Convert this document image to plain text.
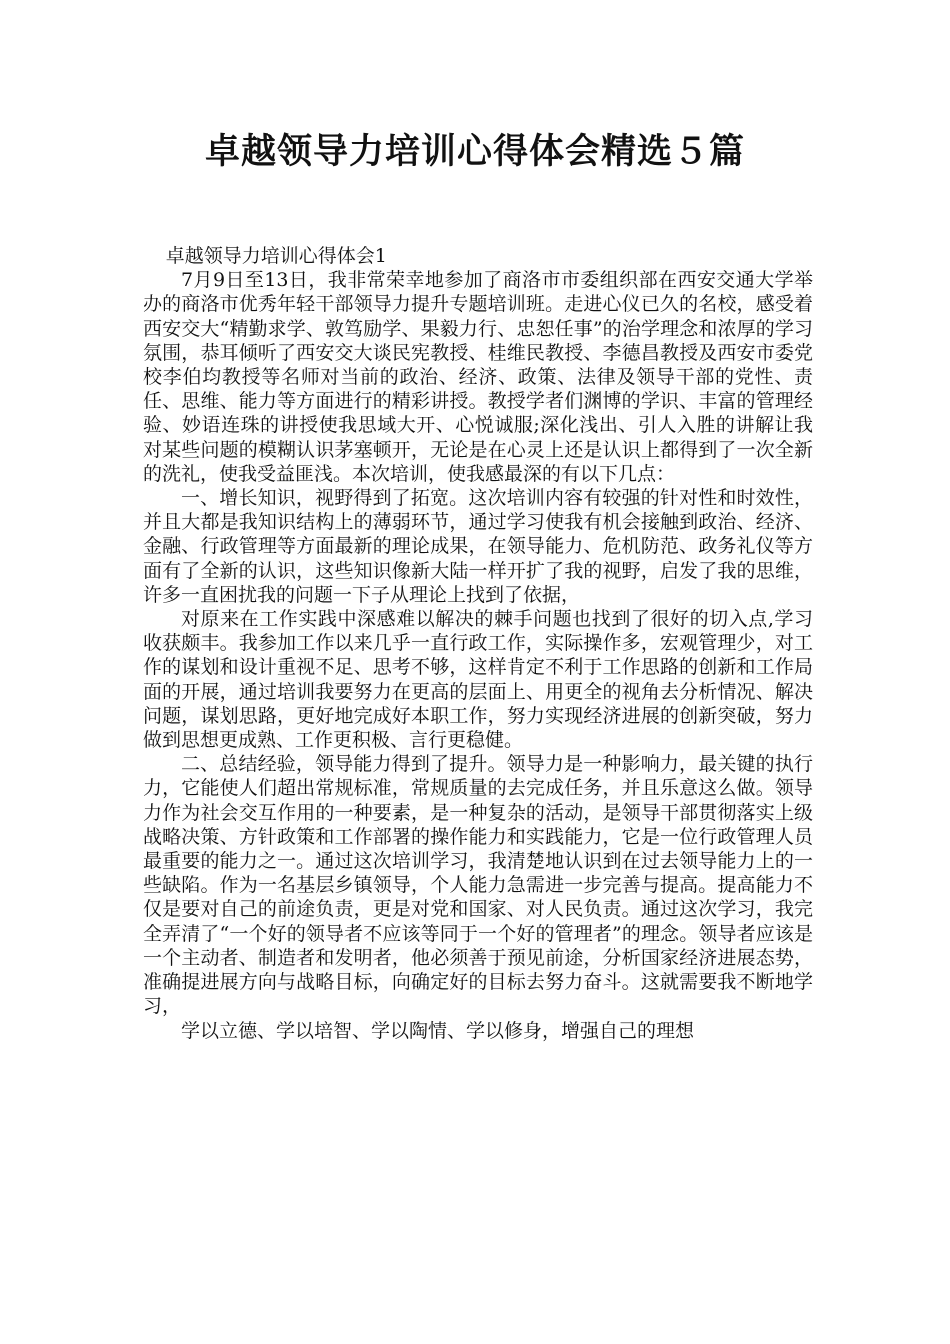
卓越领导力培训心得体会精选５篇

卓越领导力培训心得体会1

7月9日至13日，我非常荣幸地参加了商洛市市委组织部在西安交通大学举办的商洛市优秀年轻干部领导力提升专题培训班。走进心仪已久的名校，感受着西安交大“精勤求学、敦笃励学、果毅力行、忠恕任事”的治学理念和浓厚的学习氛围，恭耳倾听了西安交大谈民宪教授、桂维民教授、李德昌教授及西安市委党校李伯均教授等名师对当前的政治、经济、政策、法律及领导干部的党性、责任、思维、能力等方面进行的精彩讲授。教授学者们渊博的学识、丰富的管理经验、妙语连珠的讲授使我思域大开、心悦诚服;深化浅出、引人入胜的讲解让我对某些问题的模糊认识茅塞顿开，无论是在心灵上还是认识上都得到了一次全新的洗礼，使我受益匪浅。本次培训，使我感最深的有以下几点：

一、增长知识，视野得到了拓宽。这次培训内容有较强的针对性和时效性，并且大都是我知识结构上的薄弱环节，通过学习使我有机会接触到政治、经济、金融、行政管理等方面最新的理论成果，在领导能力、危机防范、政务礼仪等方面有了全新的认识，这些知识像新大陆一样开扩了我的视野，启发了我的思维，许多一直困扰我的问题一下子从理论上找到了依据，

对原来在工作实践中深感难以解决的棘手问题也找到了很好的切入点,学习收获颇丰。我参加工作以来几乎一直行政工作，实际操作多，宏观管理少，对工作的谋划和设计重视不足、思考不够，这样肯定不利于工作思路的创新和工作局面的开展，通过培训我要努力在更高的层面上、用更全的视角去分析情况、解决问题，谋划思路，更好地完成好本职工作，努力实现经济进展的创新突破，努力做到思想更成熟、工作更积极、言行更稳健。

二、总结经验，领导能力得到了提升。领导力是一种影响力，最关键的执行力，它能使人们超出常规标准，常规质量的去完成任务，并且乐意这么做。领导力作为社会交互作用的一种要素，是一种复杂的活动，是领导干部贯彻落实上级战略决策、方针政策和工作部署的操作能力和实践能力，它是一位行政管理人员最重要的能力之一。通过这次培训学习，我清楚地认识到在过去领导能力上的一些缺陷。作为一名基层乡镇领导，个人能力急需进一步完善与提高。提高能力不仅是要对自己的前途负责，更是对党和国家、对人民负责。通过这次学习，我完全弄清了“一个好的领导者不应该等同于一个好的管理者”的理念。领导者应该是一个主动者、制造者和发明者，他必须善于预见前途，分析国家经济进展态势，准确提进展方向与战略目标，向确定好的目标去努力奋斗。这就需要我不断地学习，

学以立德、学以培智、学以陶情、学以修身，增强自己的理想
